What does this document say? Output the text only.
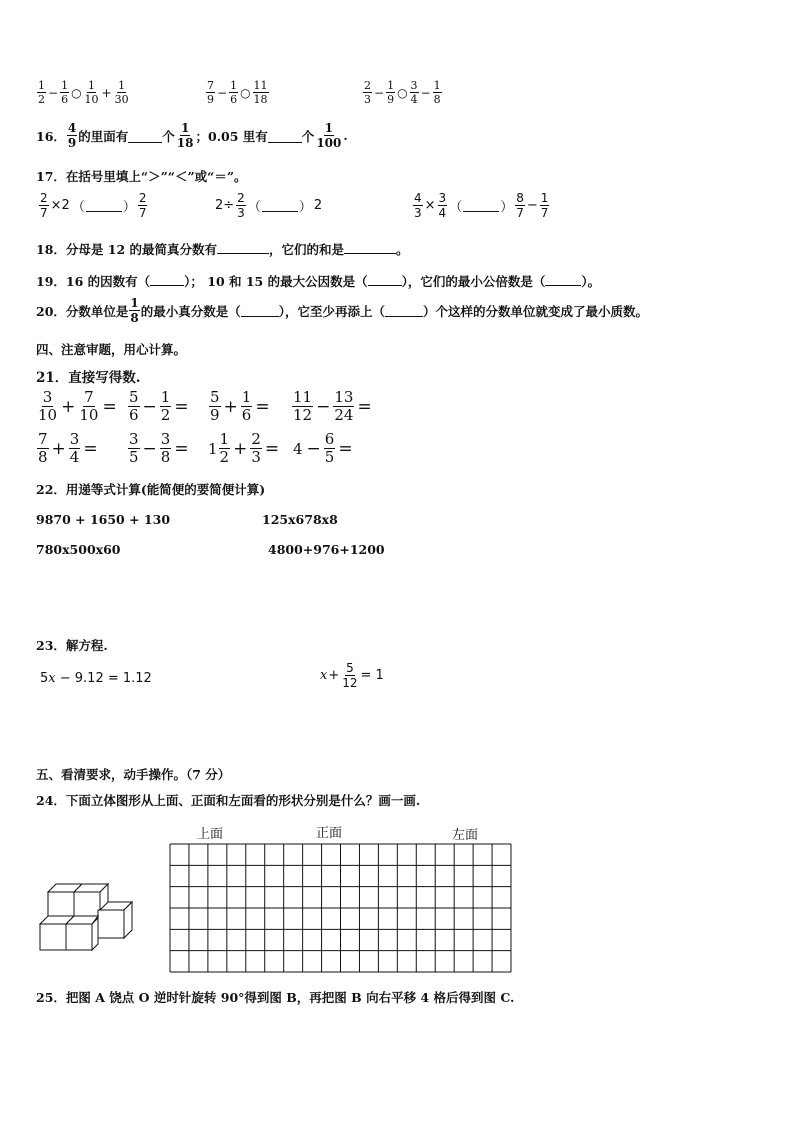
$\frac{1}{2} - \frac{1}{6}$ ○ $\frac{1}{10} + \frac{1}{30}$	$\frac{7}{9} - \frac{1}{6}$ ○ $\frac{11}{18}$	$\frac{2}{3} - \frac{1}{9}$ ○ $\frac{3}{4} - \frac{1}{8}$
16． $\frac{4}{9}$ 的里面有	个 $\frac{1}{18}$ ；0.05 里有	个 $\frac{1}{100}$ .
17．在括号里填上“＞”“＜”或“＝”。
$\frac{2}{7} \times 2$ （	） $\frac{2}{7}$	$2\div \frac{2}{3}$ （	） 2	$\frac{4}{3} \times \frac{3}{4}$ （	） $\frac{8}{7} - \frac{1}{7}$
18．分母是 12 的最简真分数有	，它们的和是	。
19．16 的因数有（	）； 10 和 15 的最大公因数是（	），它们的最小公倍数是（	）。
20．分数单位是 $\frac{1}{8}$ 的最小真分数是（	），它至少再添上（	）个这样的分数单位就变成了最小质数。
四、注意审题，用心计算。
21．直接写得数.
$\frac{3}{10} + \frac{7}{10} = \frac{5}{6} - \frac{1}{2} = \frac{5}{9} + \frac{1}{6} = \frac{11}{12} - \frac{13}{24}$ =
$\frac{7}{8} + \frac{3}{4} = \frac{3}{5} - \frac{3}{8} = 1 \frac{1}{2} + \frac{2}{3} = 4 - \frac{6}{5}$ =
22．用递等式计算(能简便的要简便计算)
9870 + 1650 + 130	125x678x8
780x500x60	4800+976+1200
23．解方程.
5x − 9.12 = 1.12	$x + \frac{5}{12} = 1$
五、看清要求，动手操作。（7 分）
24．下面立体图形从上面、正面和左面看的形状分别是什么？画一画.
上面	正面	左面
25．把图 A 饶点 O 逆时针旋转 90°得到图 B，再把图 B 向右平移 4 格后得到图 C.
